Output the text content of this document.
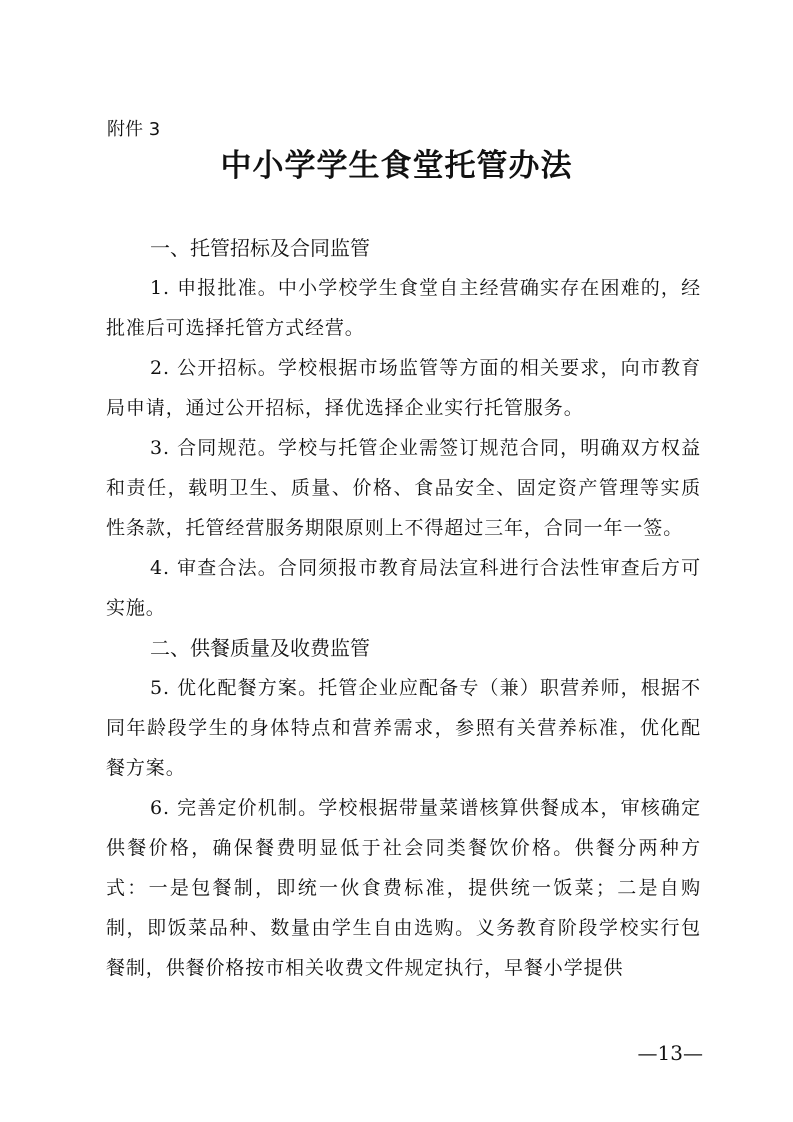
附件 3
中小学学生食堂托管办法
一、托管招标及合同监管

1. 申报批准。中小学校学生食堂自主经营确实存在困难的，经批准后可选择托管方式经营。

2. 公开招标。学校根据市场监管等方面的相关要求，向市教育局申请，通过公开招标，择优选择企业实行托管服务。

3. 合同规范。学校与托管企业需签订规范合同，明确双方权益和责任，载明卫生、质量、价格、食品安全、固定资产管理等实质性条款，托管经营服务期限原则上不得超过三年，合同一年一签。

4. 审查合法。合同须报市教育局法宣科进行合法性审查后方可实施。

二、供餐质量及收费监管

5. 优化配餐方案。托管企业应配备专（兼）职营养师，根据不同年龄段学生的身体特点和营养需求，参照有关营养标准，优化配餐方案。

6. 完善定价机制。学校根据带量菜谱核算供餐成本，审核确定供餐价格，确保餐费明显低于社会同类餐饮价格。供餐分两种方式：一是包餐制，即统一伙食费标准，提供统一饭菜；二是自购制，即饭菜品种、数量由学生自由选购。义务教育阶段学校实行包餐制，供餐价格按市相关收费文件规定执行，早餐小学提供

—13—
